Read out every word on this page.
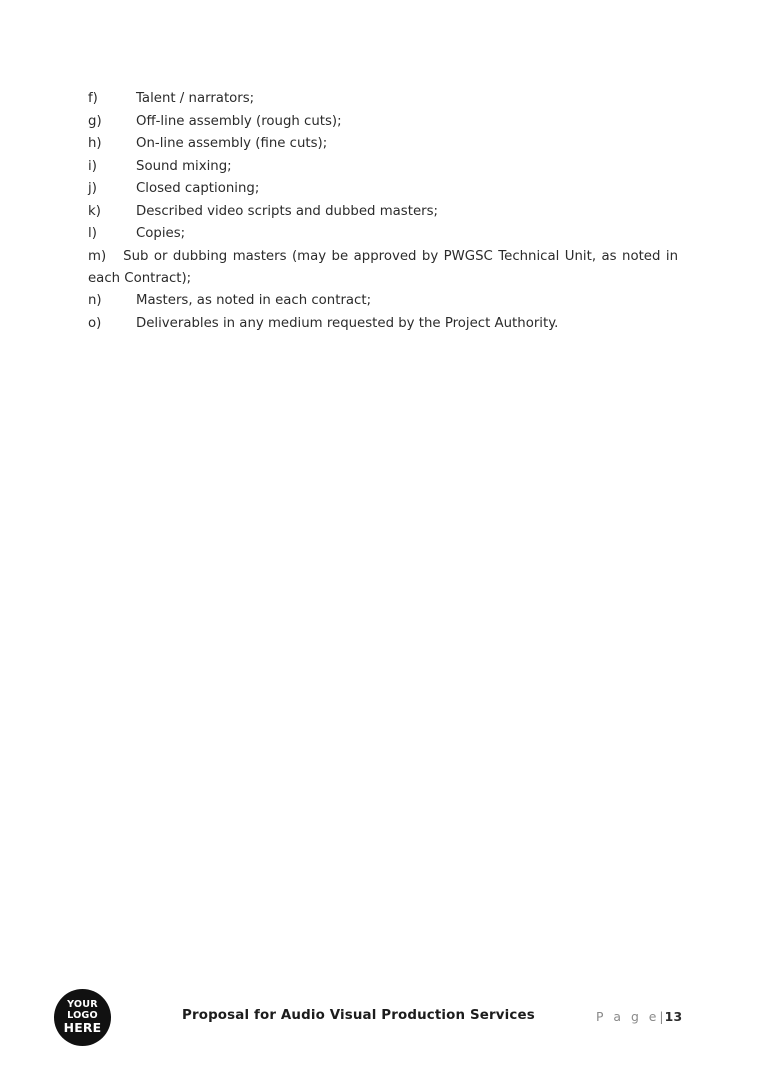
f)	Talent / narrators;

g)	Off-line assembly (rough cuts);

h)	On-line assembly (fine cuts);

i)	Sound mixing;

j)	Closed captioning;

k)	Described video scripts and dubbed masters;

l)	Copies;

m) Sub or dubbing masters (may be approved by PWGSC Technical Unit, as noted in each Contract);

n)	Masters, as noted in each contract;

o)	Deliverables in any medium requested by the Project Authority.

YOUR
LOGO
HERE
Proposal for Audio Visual Production Services	P a g e|13
